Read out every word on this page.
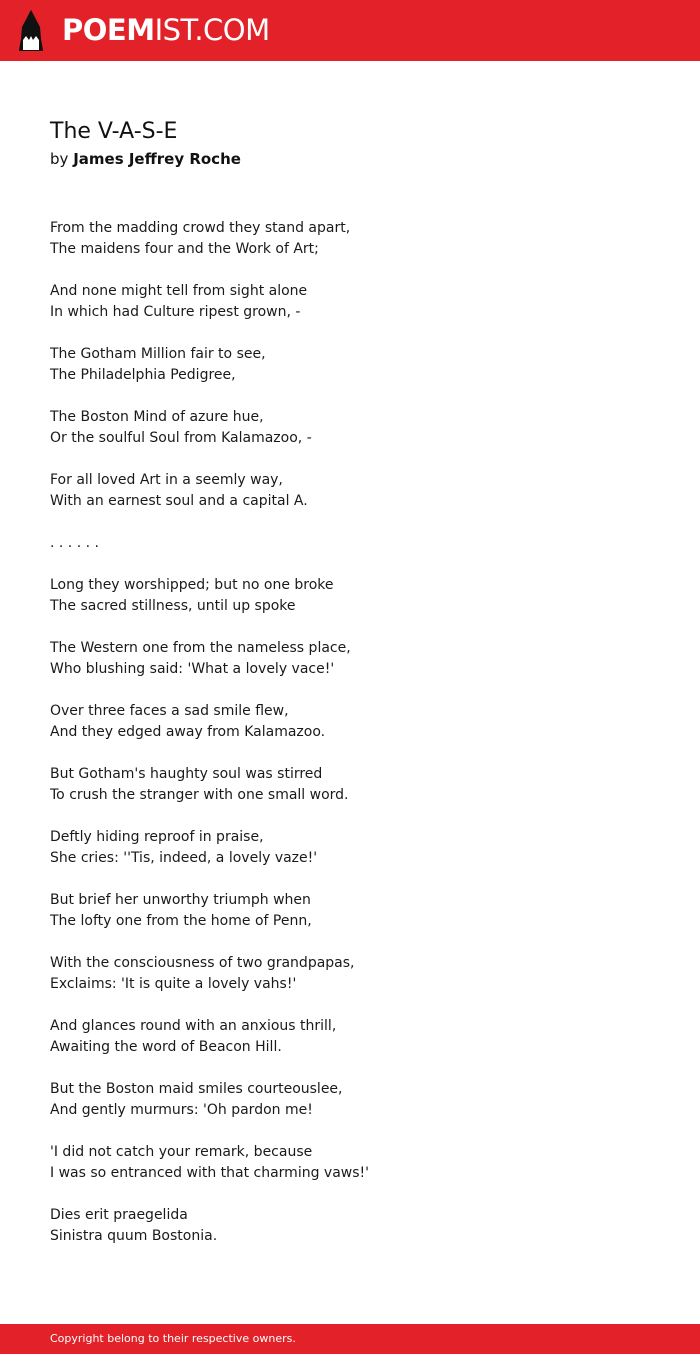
POEMIST.COM
The V-A-S-E
by James Jeffrey Roche
From the madding crowd they stand apart,
The maidens four and the Work of Art;
And none might tell from sight alone
In which had Culture ripest grown, -
The Gotham Million fair to see,
The Philadelphia Pedigree,
The Boston Mind of azure hue,
Or the soulful Soul from Kalamazoo, -
For all loved Art in a seemly way,
With an earnest soul and a capital A.
. . . . . .
Long they worshipped; but no one broke
The sacred stillness, until up spoke
The Western one from the nameless place,
Who blushing said: 'What a lovely vace!'
Over three faces a sad smile flew,
And they edged away from Kalamazoo.
But Gotham's haughty soul was stirred
To crush the stranger with one small word.
Deftly hiding reproof in praise,
She cries: ''Tis, indeed, a lovely vaze!'
But brief her unworthy triumph when
The lofty one from the home of Penn,
With the consciousness of two grandpapas,
Exclaims: 'It is quite a lovely vahs!'
And glances round with an anxious thrill,
Awaiting the word of Beacon Hill.
But the Boston maid smiles courteouslee,
And gently murmurs: 'Oh pardon me!
'I did not catch your remark, because
I was so entranced with that charming vaws!'
Dies erit praegelida
Sinistra quum Bostonia.
Copyright belong to their respective owners.
